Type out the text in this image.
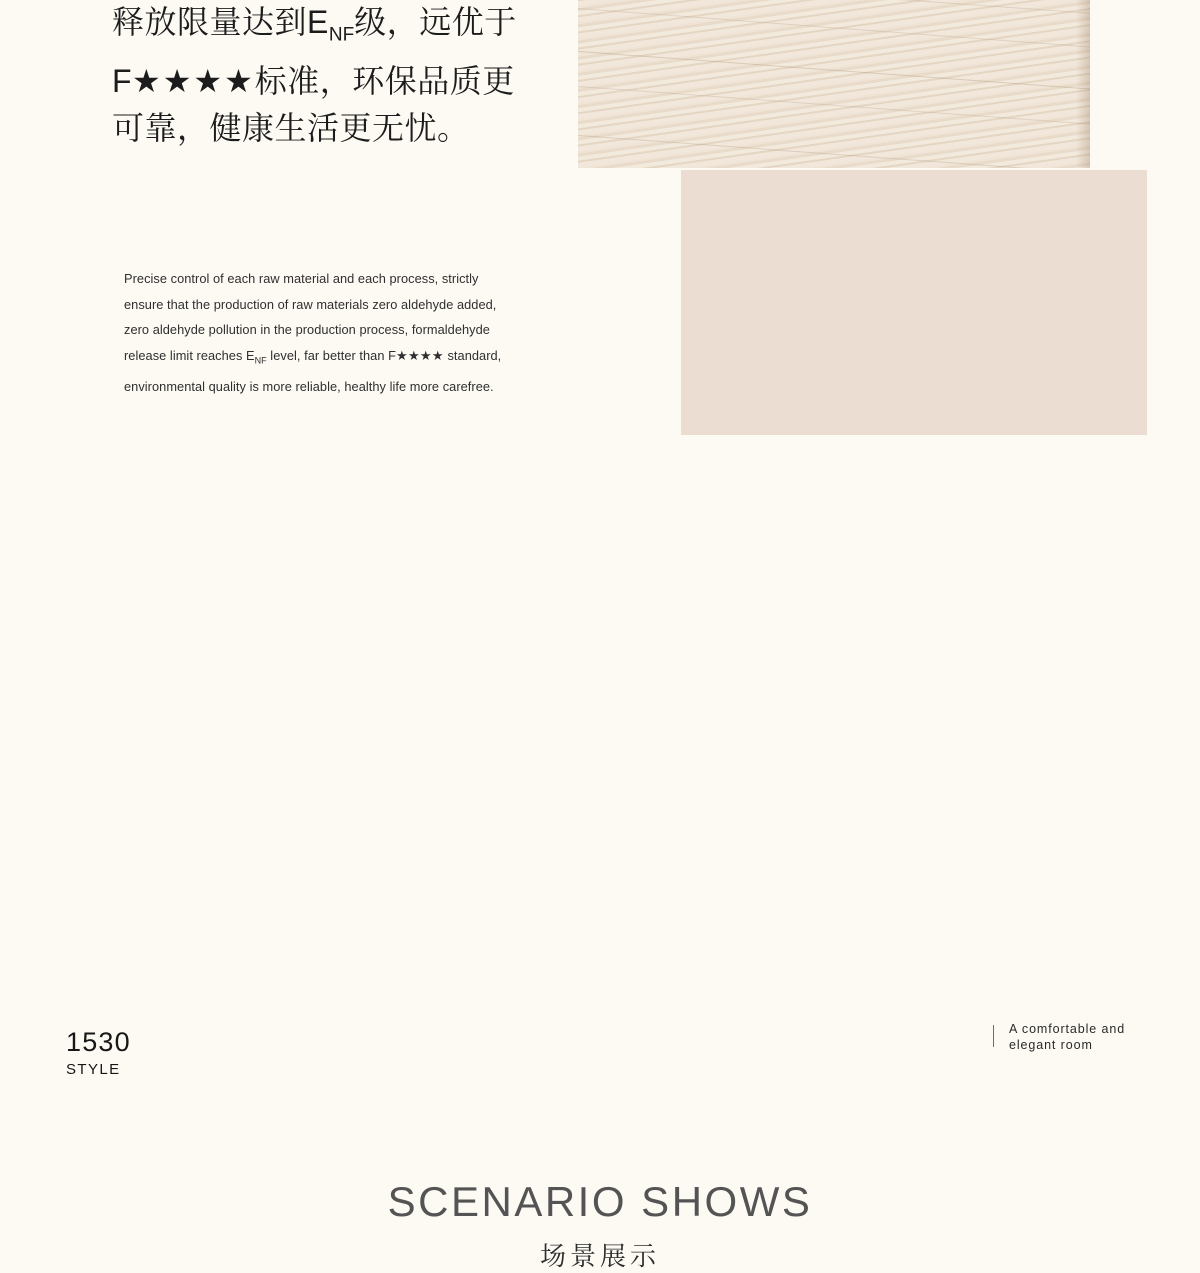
释放限量达到$E_{NF}$级，远优于
F★★★★标准，环保品质更
可靠，健康生活更无忧。
Precise control of each raw material and each process, strictly ensure that the production of raw materials zero aldehyde added, zero aldehyde pollution in the production process, formaldehyde release limit reaches $E_{NF}$ level, far better than F★★★★ standard, environmental quality is more reliable, healthy life more carefree.
1530
STYLE
A comfortable and elegant room
SCENARIO SHOWS
场景展示
